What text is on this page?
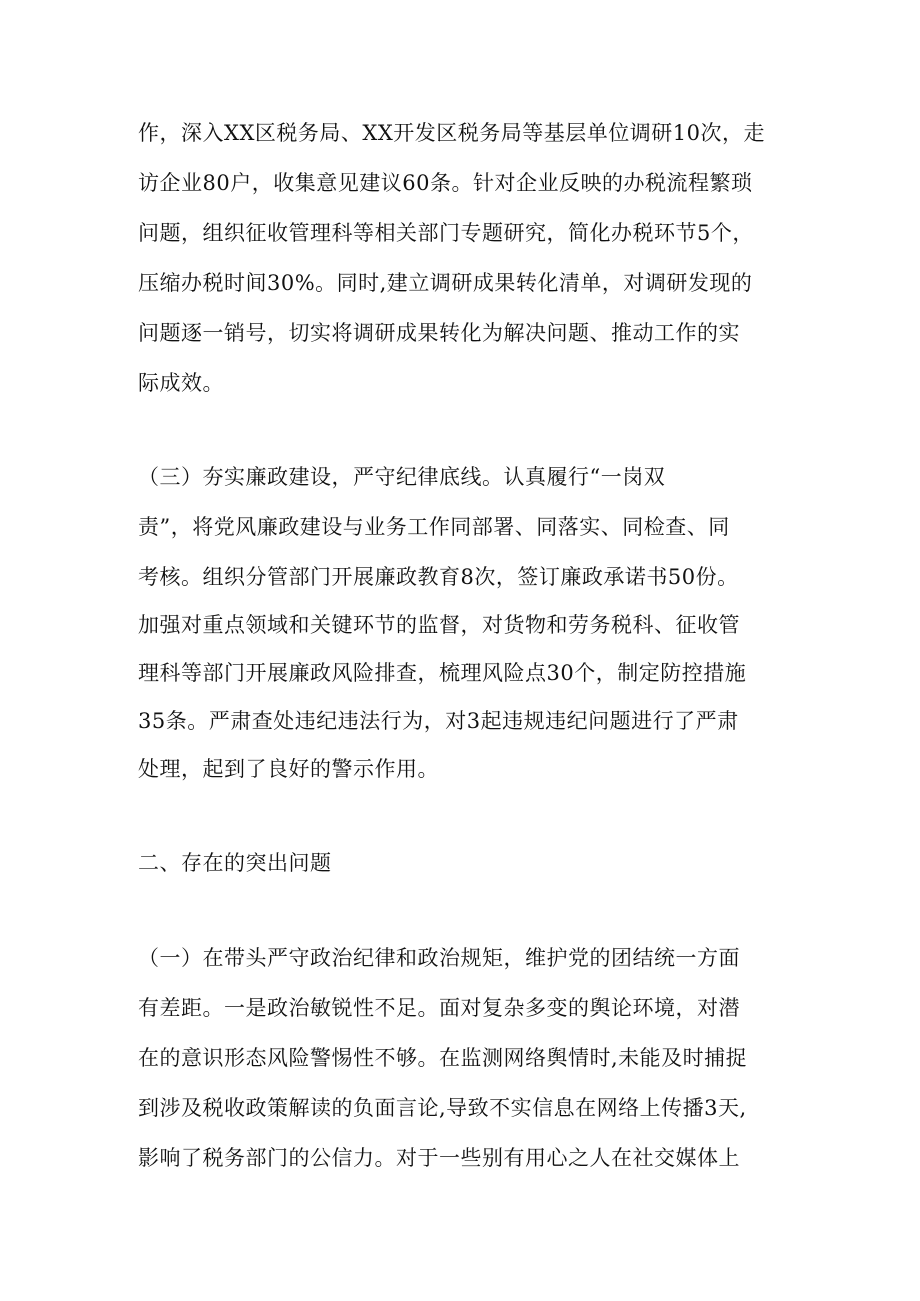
作，深入XX区税务局、XX开发区税务局等基层单位调研10次，走
访企业80户，收集意见建议60条。针对企业反映的办税流程繁琐
问题，组织征收管理科等相关部门专题研究，简化办税环节5个，
压缩办税时间30%。同时,建立调研成果转化清单，对调研发现的
问题逐一销号，切实将调研成果转化为解决问题、推动工作的实
际成效。
（三）夯实廉政建设，严守纪律底线。认真履行“一岗双
责”，将党风廉政建设与业务工作同部署、同落实、同检查、同
考核。组织分管部门开展廉政教育8次，签订廉政承诺书50份。
加强对重点领域和关键环节的监督，对货物和劳务税科、征收管
理科等部门开展廉政风险排查，梳理风险点30个，制定防控措施
35条。严肃查处违纪违法行为，对3起违规违纪问题进行了严肃
处理，起到了良好的警示作用。
二、存在的突出问题
（一）在带头严守政治纪律和政治规矩，维护党的团结统一方面
有差距。一是政治敏锐性不足。面对复杂多变的舆论环境，对潜
在的意识形态风险警惕性不够。在监测网络舆情时,未能及时捕捉
到涉及税收政策解读的负面言论,导致不实信息在网络上传播3天,
影响了税务部门的公信力。对于一些别有用心之人在社交媒体上
